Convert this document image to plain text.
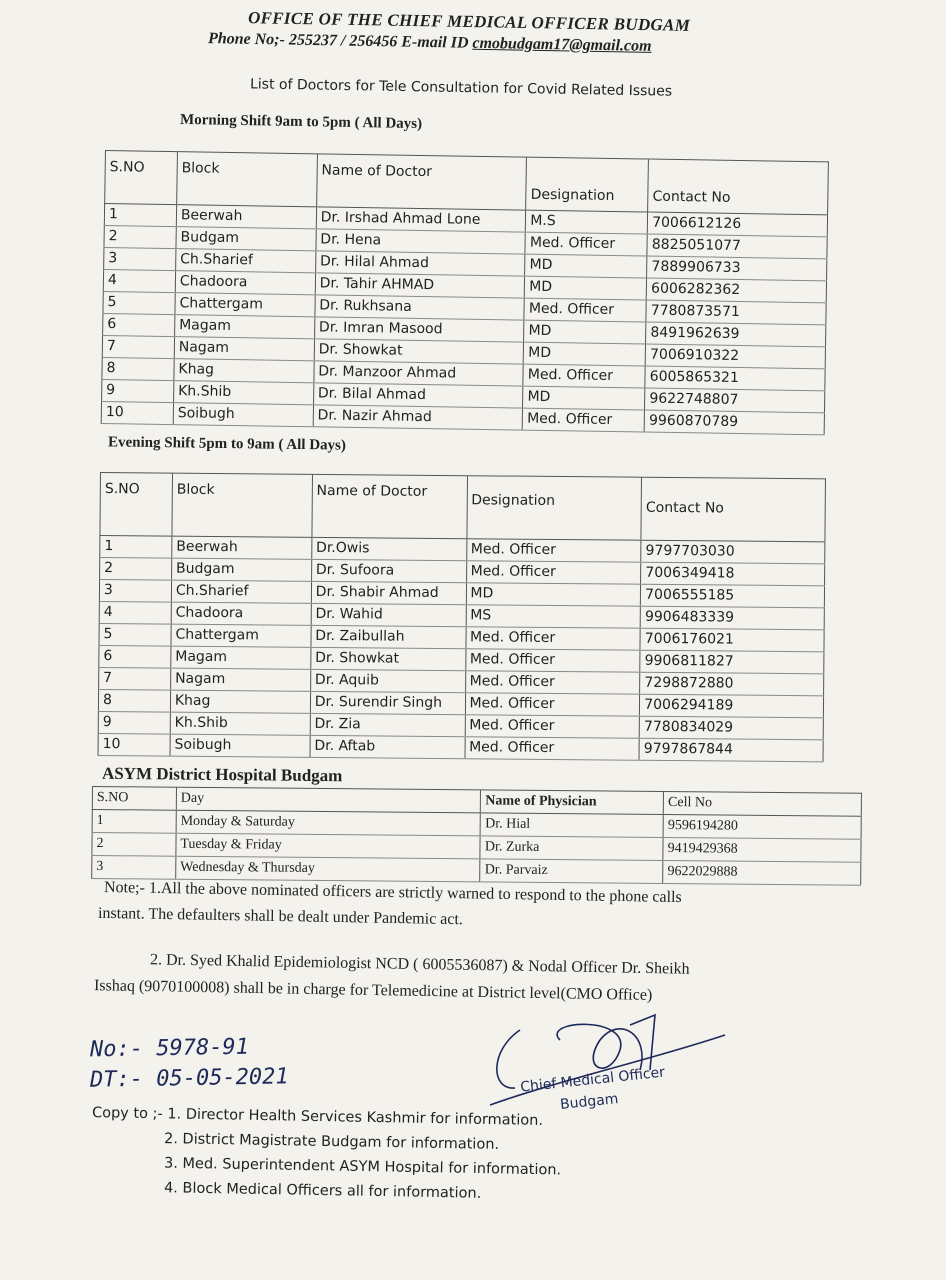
OFFICE OF THE CHIEF MEDICAL OFFICER BUDGAM
Phone No;- 255237 / 256456 E-mail ID cmobudgam17@gmail.com
List of Doctors for Tele Consultation for Covid Related Issues
Morning Shift 9am to 5pm ( All Days)
S.NO	Block	Name of Doctor	Designation	Contact No
1	Beerwah	Dr. Irshad Ahmad Lone	M.S	7006612126
2	Budgam	Dr. Hena	Med. Officer	8825051077
3	Ch.Sharief	Dr. Hilal Ahmad	MD	7889906733
4	Chadoora	Dr. Tahir AHMAD	MD	6006282362
5	Chattergam	Dr. Rukhsana	Med. Officer	7780873571
6	Magam	Dr. Imran Masood	MD	8491962639
7	Nagam	Dr. Showkat	MD	7006910322
8	Khag	Dr. Manzoor Ahmad	Med. Officer	6005865321
9	Kh.Shib	Dr. Bilal Ahmad	MD	9622748807
10	Soibugh	Dr. Nazir Ahmad	Med. Officer	9960870789
Evening Shift 5pm to 9am ( All Days)
S.NO	Block	Name of Doctor	Designation	Contact No
1	Beerwah	Dr.Owis	Med. Officer	9797703030
2	Budgam	Dr. Sufoora	Med. Officer	7006349418
3	Ch.Sharief	Dr. Shabir Ahmad	MD	7006555185
4	Chadoora	Dr. Wahid	MS	9906483339
5	Chattergam	Dr. Zaibullah	Med. Officer	7006176021
6	Magam	Dr. Showkat	Med. Officer	9906811827
7	Nagam	Dr. Aquib	Med. Officer	7298872880
8	Khag	Dr. Surendir Singh	Med. Officer	7006294189
9	Kh.Shib	Dr. Zia	Med. Officer	7780834029
10	Soibugh	Dr. Aftab	Med. Officer	9797867844
ASYM District Hospital Budgam
S.NO	Day	Name of Physician	Cell No
1	Monday & Saturday	Dr. Hial	9596194280
2	Tuesday & Friday	Dr. Zurka	9419429368
3	Wednesday & Thursday	Dr. Parvaiz	9622029888
Note;- 1.All the above nominated officers are strictly warned to respond to the phone calls
instant. The defaulters shall be dealt under Pandemic act.
2. Dr. Syed Khalid Epidemiologist NCD ( 6005536087) & Nodal Officer Dr. Sheikh
Isshaq (9070100008) shall be in charge for Telemedicine at District level(CMO Office)
No:- 5978-91
DT:- 05-05-2021	Chief Medical Officer
Budgam
Copy to ;- 1. Director Health Services Kashmir for information.
2. District Magistrate Budgam for information.
3. Med. Superintendent ASYM Hospital for information.
4. Block Medical Officers all for information.
